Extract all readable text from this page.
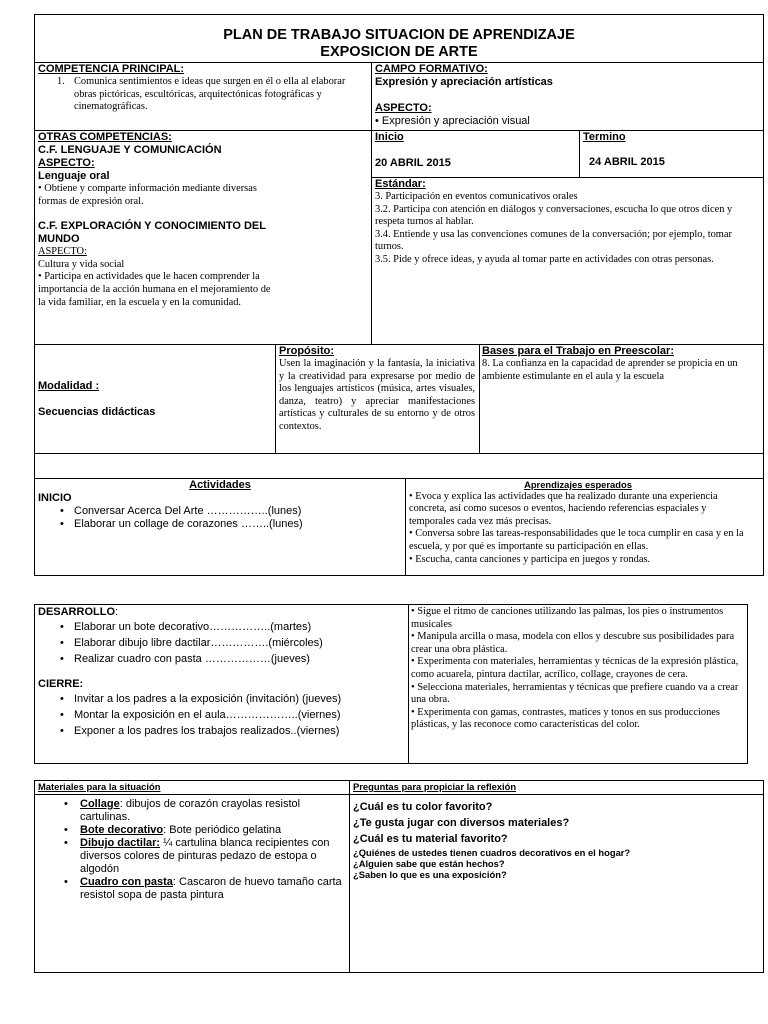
PLAN DE TRABAJO SITUACION DE APRENDIZAJE
EXPOSICION DE ARTE
COMPETENCIA PRINCIPAL:
1. Comunica sentimientos e ideas que surgen en él o ella al elaborar obras pictóricas, escultóricas, arquitectónicas fotográficas y cinematográficas.
CAMPO FORMATIVO:
Expresión y apreciación artísticas
ASPECTO:
• Expresión y apreciación visual
OTRAS COMPETENCIAS:
C.F. LENGUAJE Y COMUNICACIÓN
ASPECTO:
Lenguaje oral
• Obtiene y comparte información mediante diversas formas de expresión oral.
C.F. EXPLORACIÓN Y CONOCIMIENTO DEL MUNDO
ASPECTO:
Cultura y vida social
• Participa en actividades que le hacen comprender la importancia de la acción humana en el mejoramiento de la vida familiar, en la escuela y en la comunidad.
Inicio
20 ABRIL 2015
Termino
24 ABRIL 2015
Estándar:
3. Participación en eventos comunicativos orales
3.2. Participa con atención en diálogos y conversaciones, escucha lo que otros dicen y respeta turnos al hablar.
3.4. Entiende y usa las convenciones comunes de la conversación; por ejemplo, tomar turnos.
3.5. Pide y ofrece ideas, y ayuda al tomar parte en actividades con otras personas.
Modalidad :
Secuencias didácticas
Propósito:
Usen la imaginación y la fantasía, la iniciativa y la creatividad para expresarse por medio de los lenguajes artísticos (música, artes visuales, danza, teatro) y apreciar manifestaciones artísticas y culturales de su entorno y de otros contextos.
Bases para el Trabajo en Preescolar:
8. La confianza en la capacidad de aprender se propicia en un ambiente estimulante en el aula y la escuela
Actividades
INICIO
• Conversar Acerca Del Arte ……………..(lunes)
• Elaborar un collage de corazones ……..(lunes)
Aprendizajes esperados
• Evoca y explica las actividades que ha realizado durante una experiencia concreta, así como sucesos o eventos, haciendo referencias espaciales y temporales cada vez más precisas.
• Conversa sobre las tareas-responsabilidades que le toca cumplir en casa y en la escuela, y por qué es importante su participación en ellas.
• Escucha, canta canciones y participa en juegos y rondas.
DESARROLLO:
• Elaborar un bote decorativo……………..(martes)
• Elaborar dibujo libre dactilar…………….(miércoles)
• Realizar cuadro con pasta ………………(jueves)
CIERRE:
• Invitar a los padres a la exposición (invitación) (jueves)
• Montar la exposición en el aula………………..(viernes)
• Exponer a los padres los trabajos realizados..(viernes)
• Sigue el ritmo de canciones utilizando las palmas, los pies o instrumentos musicales
• Manipula arcilla o masa, modela con ellos y descubre sus posibilidades para crear una obra plástica.
• Experimenta con materiales, herramientas y técnicas de la expresión plástica, como acuarela, pintura dactilar, acrílico, collage, crayones de cera.
• Selecciona materiales, herramientas y técnicas que prefiere cuando va a crear una obra.
• Experimenta con gamas, contrastes, matices y tonos en sus producciones plásticas, y las reconoce como características del color.
Materiales para la situación	Preguntas para propiciar la reflexión
• Collage: dibujos de corazón crayolas resistol cartulinas.
• Bote decorativo: Bote periódico gelatina
• Dibujo dactilar: ¼ cartulina blanca recipientes con diversos colores de pinturas pedazo de estopa o algodón
• Cuadro con pasta: Cascaron de huevo tamaño carta resistol sopa de pasta pintura
¿Cuál es tu color favorito?
¿Te gusta jugar con diversos materiales?
¿Cuál es tu material favorito?
¿Quiénes de ustedes tienen cuadros decorativos en el hogar?
¿Alguien sabe que están hechos?
¿Saben lo que es una exposición?
